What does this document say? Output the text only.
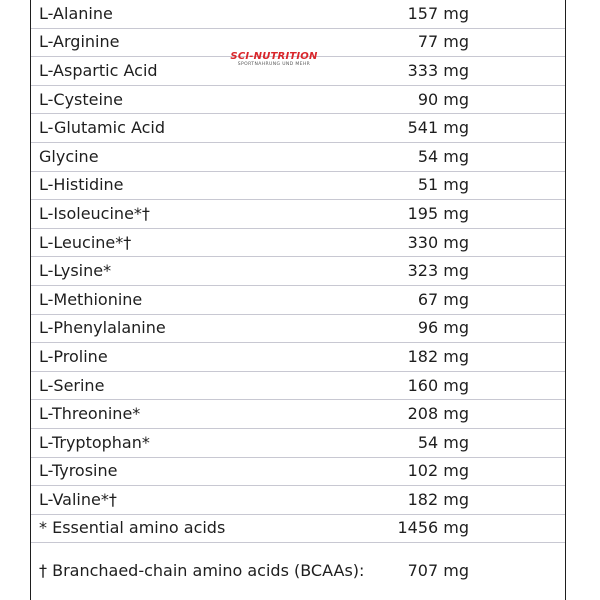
L-Alanine	157 mg
L-Arginine	77 mg
L-Aspartic Acid	333 mg
L-Cysteine	90 mg
L-Glutamic Acid	541 mg
Glycine	54 mg
L-Histidine	51 mg
L-Isoleucine*†	195 mg
L-Leucine*†	330 mg
L-Lysine*	323 mg
L-Methionine	67 mg
L-Phenylalanine	96 mg
L-Proline	182 mg
L-Serine	160 mg
L-Threonine*	208 mg
L-Tryptophan*	54 mg
L-Tyrosine	102 mg
L-Valine*†	182 mg
* Essential amino acids	1456 mg
† Branchaed-chain amino acids (BCAAs):	707 mg
SCI-NUTRITION
SPORTNAHRUNG UND MEHR
